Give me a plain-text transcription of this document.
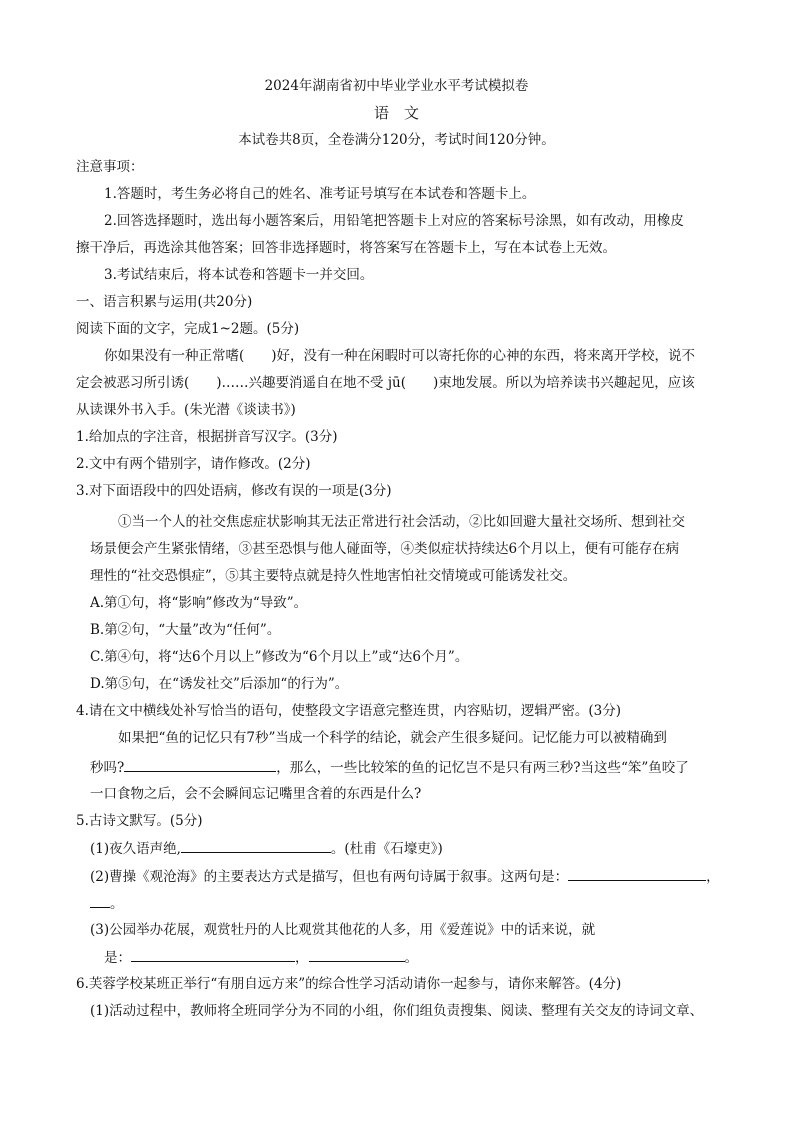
2024年湖南省初中毕业学业水平考试模拟卷
语　文
本试卷共8页，全卷满分120分，考试时间120分钟。
注意事项：
1.答题时，考生务必将自己的姓名、准考证号填写在本试卷和答题卡上。
2.回答选择题时，选出每小题答案后，用铅笔把答题卡上对应的答案标号涂黑，如有改动，用橡皮
擦干净后，再选涂其他答案；回答非选择题时，将答案写在答题卡上，写在本试卷上无效。
3.考试结束后，将本试卷和答题卡一并交回。
一、语言积累与运用(共20分)
阅读下面的文字，完成1~2题。(5分)
你如果没有一种正常嗜(　　)好，没有一种在闲暇时可以寄托你的心神的东西，将来离开学校，说不
定会被恶习所引诱(　　)……兴趣要消遥自在地不受 jū(　　)束地发展。所以为培养读书兴趣起见，应该
从读课外书入手。(朱光潜《谈读书》)
1.给加点的字注音，根据拼音写汉字。(3分)
2.文中有两个错别字，请作修改。(2分)
3.对下面语段中的四处语病，修改有误的一项是(3分)
①当一个人的社交焦虑症状影响其无法正常进行社会活动，②比如回避大量社交场所、想到社交
场景便会产生紧张情绪，③甚至恐惧与他人碰面等，④类似症状持续达6个月以上，便有可能存在病
理性的“社交恐惧症”，⑤其主要特点就是持久性地害怕社交情境或可能诱发社交。
A.第①句，将“影响”修改为“导致”。
B.第②句，“大量”改为“任何”。
C.第④句，将“达6个月以上”修改为“6个月以上”或“达6个月”。
D.第⑤句，在“诱发社交”后添加“的行为”。
4.请在文中横线处补写恰当的语句，使整段文字语意完整连贯，内容贴切，逻辑严密。(3分)
如果把“鱼的记忆只有7秒”当成一个科学的结论，就会产生很多疑问。记忆能力可以被精确到
秒吗?	，那么，一些比较笨的鱼的记忆岂不是只有两三秒?当这些“笨”鱼咬了
一口食物之后，会不会瞬间忘记嘴里含着的东西是什么?
5.古诗文默写。(5分)
(1)夜久语声绝,	。(杜甫《石壕吏》)
(2)曹操《观沧海》的主要表达方式是描写，但也有两句诗属于叙事。这两句是：	，
。
(3)公园举办花展，观赏牡丹的人比观赏其他花的人多，用《爱莲说》中的话来说，就
是：	，	。
6.芙蓉学校某班正举行“有朋自远方来”的综合性学习活动请你一起参与，请你来解答。(4分)
(1)活动过程中，教师将全班同学分为不同的小组，你们组负责搜集、阅读、整理有关交友的诗词文章、
